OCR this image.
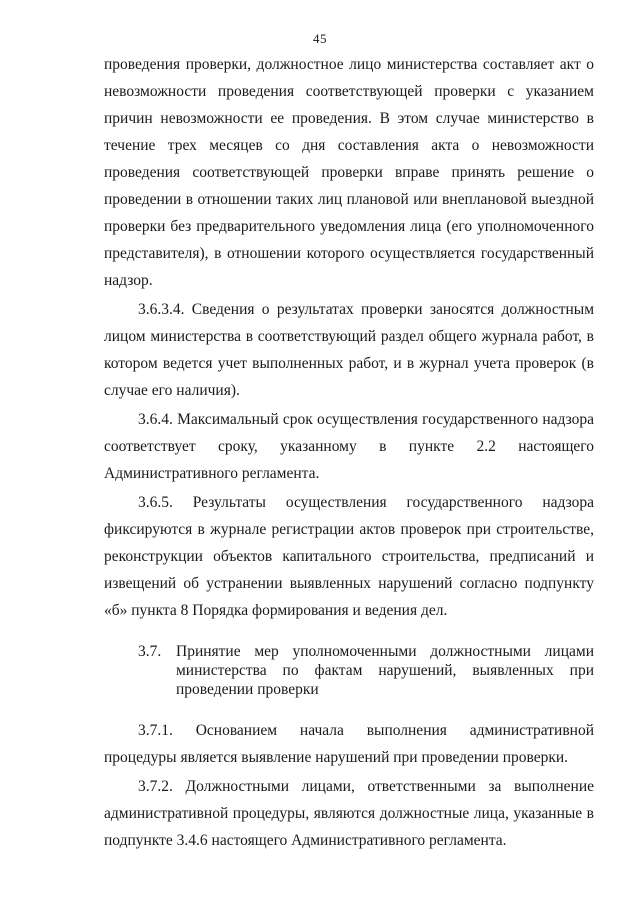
45

проведения проверки, должностное лицо министерства составляет акт о невозможности проведения соответствующей проверки с указанием причин невозможности ее проведения. В этом случае министерство в течение трех месяцев со дня составления акта о невозможности проведения соответствующей проверки вправе принять решение о проведении в отношении таких лиц плановой или внеплановой выездной проверки без предварительного уведомления лица (его уполномоченного представителя), в отношении которого осуществляется государственный надзор.

3.6.3.4. Сведения о результатах проверки заносятся должностным лицом министерства в соответствующий раздел общего журнала работ, в котором ведется учет выполненных работ, и в журнал учета проверок (в случае его наличия).

3.6.4. Максимальный срок осуществления государственного надзора соответствует сроку, указанному в пункте 2.2 настоящего Административного регламента.

3.6.5. Результаты осуществления государственного надзора фиксируются в журнале регистрации актов проверок при строительстве, реконструкции объектов капитального строительства, предписаний и извещений об устранении выявленных нарушений согласно подпункту «б» пункта 8 Порядка формирования и ведения дел.

3.7. Принятие мер уполномоченными должностными лицами министерства по фактам нарушений, выявленных при проведении проверки

3.7.1. Основанием начала выполнения административной процедуры является выявление нарушений при проведении проверки.

3.7.2. Должностными лицами, ответственными за выполнение административной процедуры, являются должностные лица, указанные в подпункте 3.4.6 настоящего Административного регламента.
